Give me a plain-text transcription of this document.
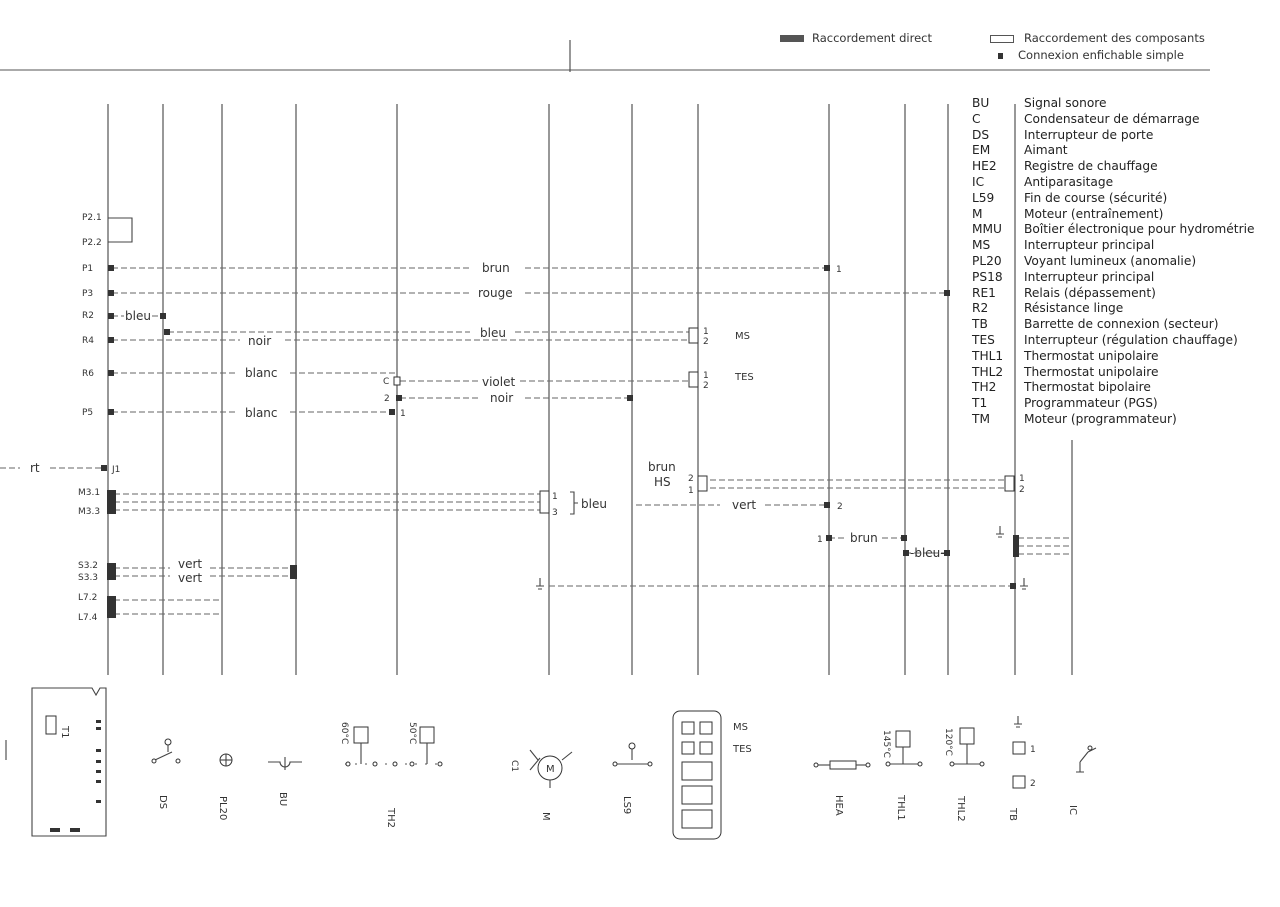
P2.1
P2.2
P1
P3
R2
R4
R6
P5
J1
M3.1
M3.3
S3.2
S3.3
L7.2
L7.4
brun
rouge
bleu
bleu
noir
blanc
violet
noir
blanc
rt	brun
HS
bleu	vert
brun
-bleu-
vert
vert
1
1
2	MS
1
2
TES
C
2
1
1
3
2
1
1
2
2
1
T1
DS	PL20	BU
60°C	50°C
TH2
M
C1
M
LS9
MS
TES
HEA
145°C
THL1
120°C
THL2
1
2
TB	IC
Raccordement direct	Raccordement des composants
Connexion enfichable simple
BU	Signal sonore
C	Condensateur de démarrage
DS	Interrupteur de porte
EM	Aimant
HE2	Registre de chauffage
IC	Antiparasitage
L59	Fin de course (sécurité)
M	Moteur (entraînement)
MMU	Boîtier électronique pour hydrométrie
MS	Interrupteur principal
PL20	Voyant lumineux (anomalie)
PS18	Interrupteur principal
RE1	Relais (dépassement)
R2	Résistance linge
TB	Barrette de connexion (secteur)
TES	Interrupteur (régulation chauffage)
THL1	Thermostat unipolaire
THL2	Thermostat unipolaire
TH2	Thermostat bipolaire
T1	Programmateur (PGS)
TM	Moteur (programmateur)
